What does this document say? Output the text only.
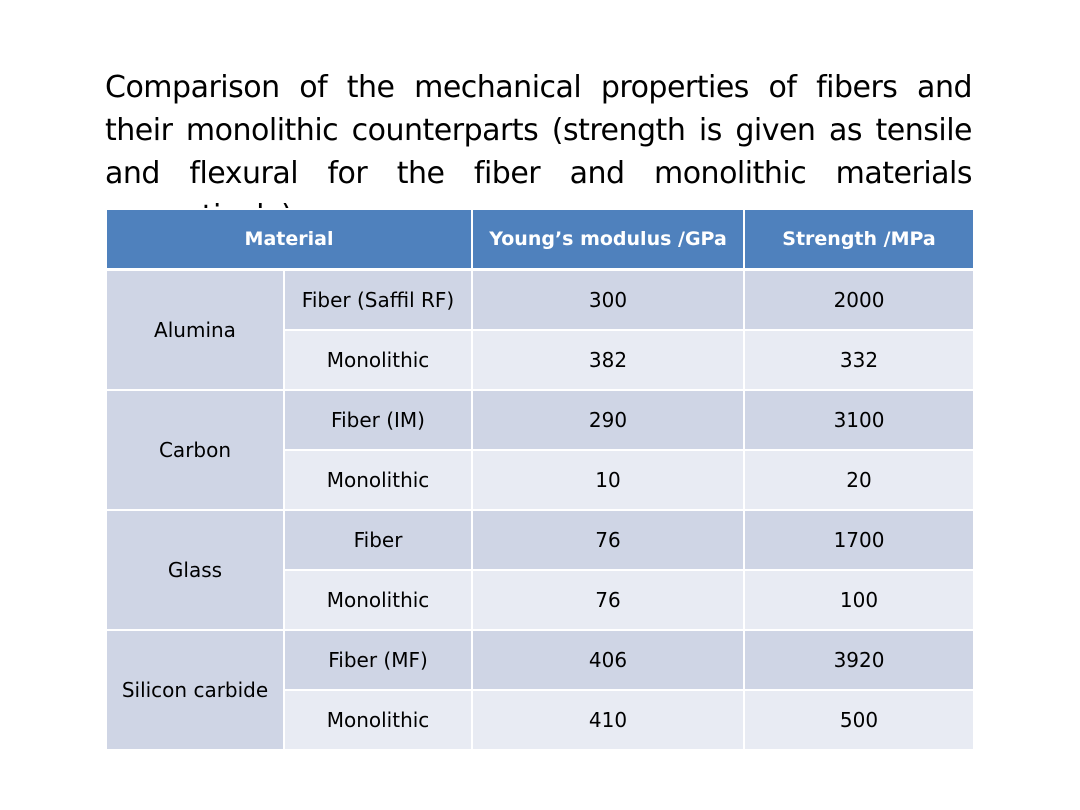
Comparison of the mechanical properties of fibers and their monolithic counterparts (strength is given as tensile and flexural for the fiber and monolithic materials

Material		Young’s modulus /GPa	Strength /MPa
Alumina	Fiber (Saffil RF)	300	2000
	Monolithic	382	332
Carbon	Fiber (IM)	290	3100
	Monolithic	10	20
Glass	Fiber	76	1700
	Monolithic	76	100
Silicon carbide	Fiber (MF)	406	3920
	Monolithic	410	500
